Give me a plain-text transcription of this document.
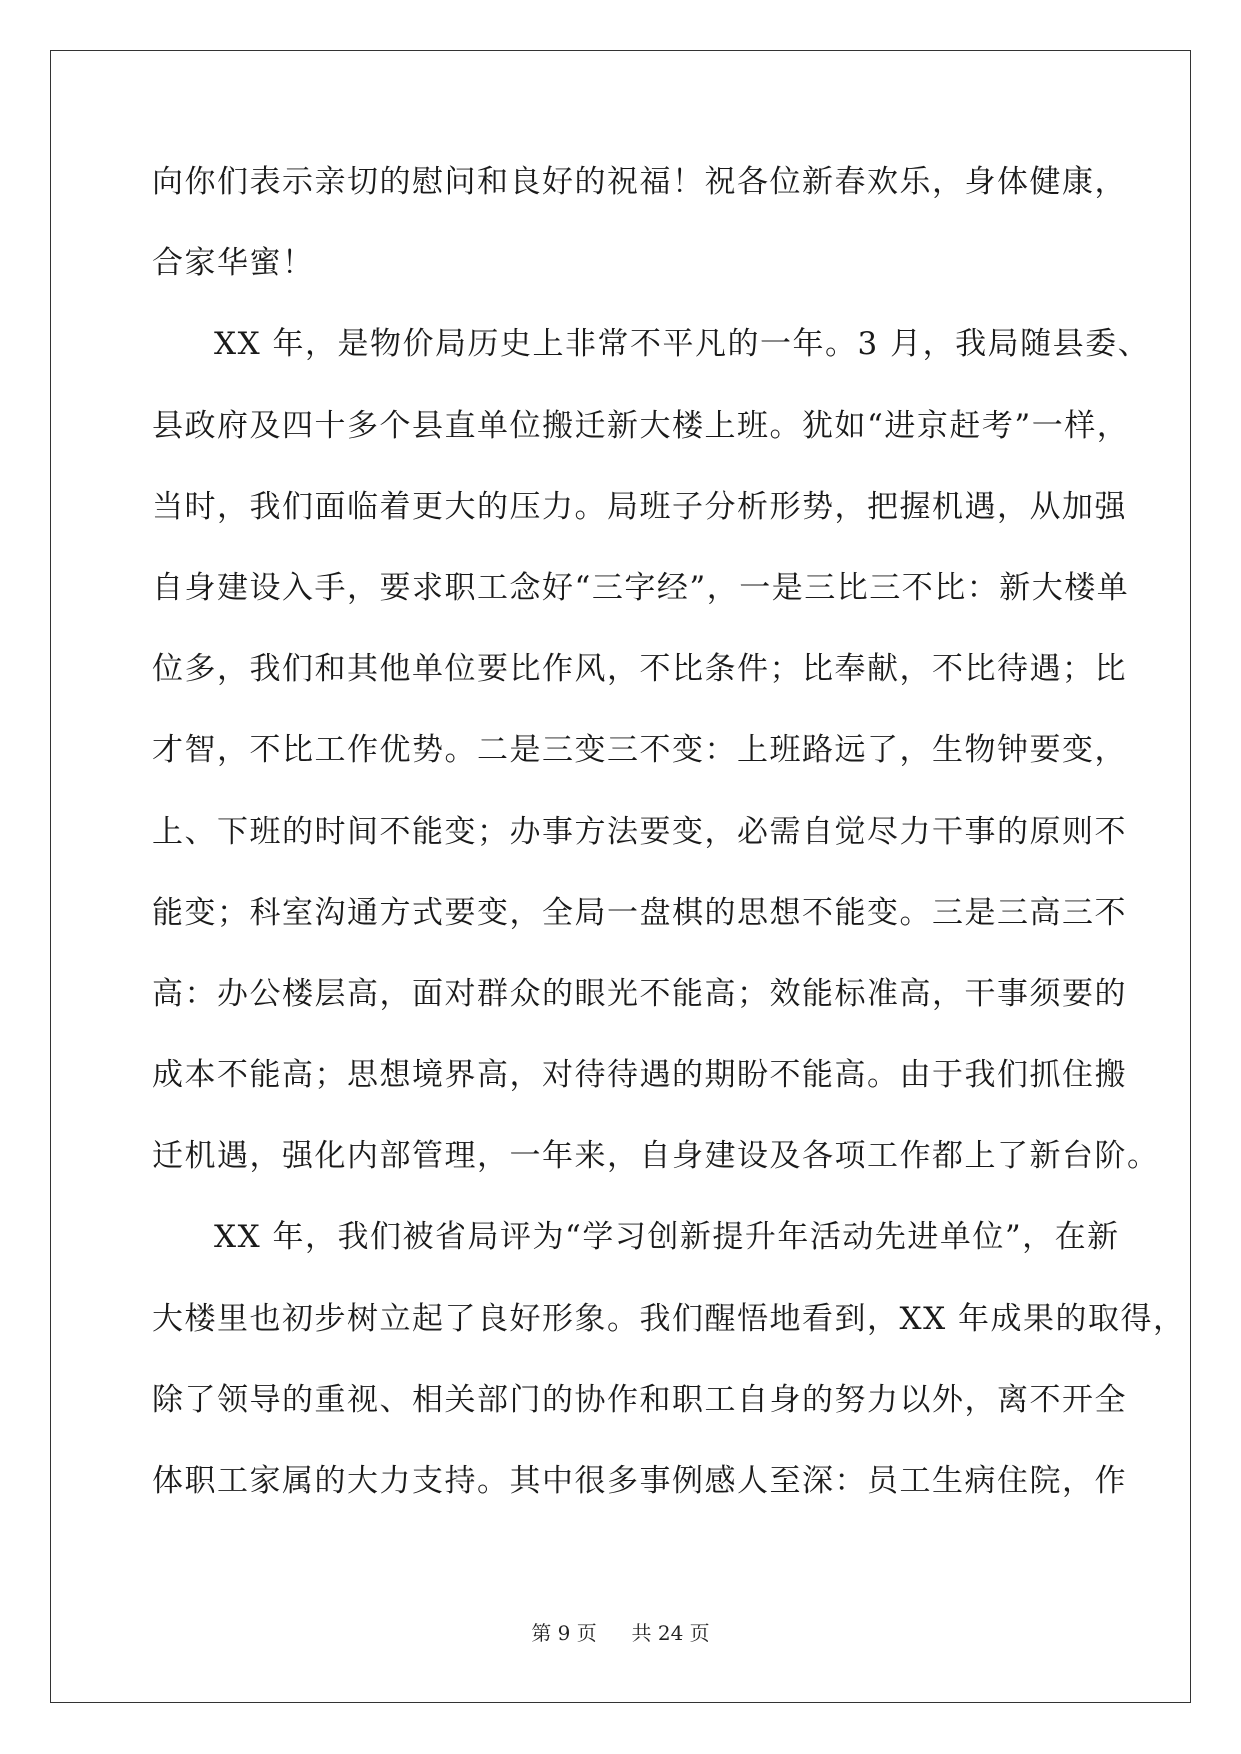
向你们表示亲切的慰问和良好的祝福！祝各位新春欢乐，身体健康，
合家华蜜！
XX 年，是物价局历史上非常不平凡的一年。3 月，我局随县委、
县政府及四十多个县直单位搬迁新大楼上班。犹如“进京赶考”一样，
当时，我们面临着更大的压力。局班子分析形势，把握机遇，从加强
自身建设入手，要求职工念好“三字经”，一是三比三不比：新大楼单
位多，我们和其他单位要比作风，不比条件；比奉献，不比待遇；比
才智，不比工作优势。二是三变三不变：上班路远了，生物钟要变，
上、下班的时间不能变；办事方法要变，必需自觉尽力干事的原则不
能变；科室沟通方式要变，全局一盘棋的思想不能变。三是三高三不
高：办公楼层高，面对群众的眼光不能高；效能标准高，干事须要的
成本不能高；思想境界高，对待待遇的期盼不能高。由于我们抓住搬
迁机遇，强化内部管理，一年来，自身建设及各项工作都上了新台阶。
XX 年，我们被省局评为“学习创新提升年活动先进单位”，在新
大楼里也初步树立起了良好形象。我们醒悟地看到，XX 年成果的取得，
除了领导的重视、相关部门的协作和职工自身的努力以外，离不开全
体职工家属的大力支持。其中很多事例感人至深：员工生病住院，作
第 9 页 共 24 页
